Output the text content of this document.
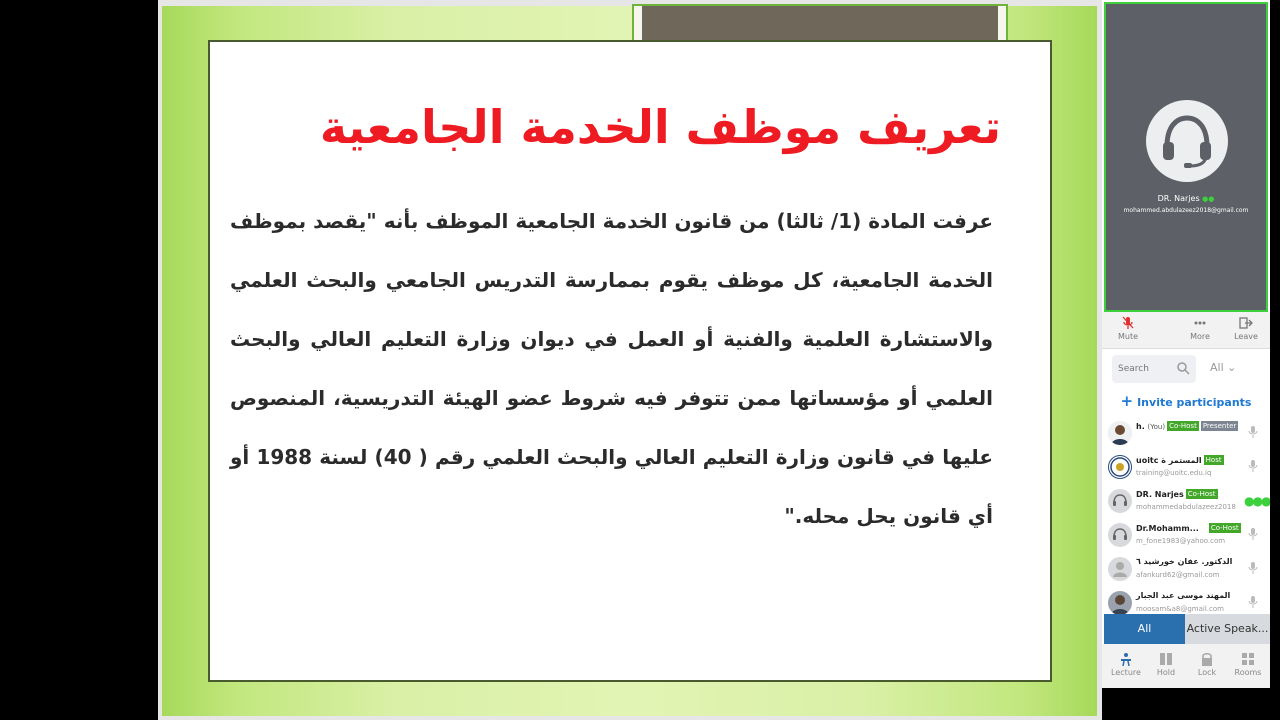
تعريف موظف الخدمة الجامعية
عرفت المادة (1/ ثالثا) من قانون الخدمة الجامعية الموظف بأنه "يقصد بموظف الخدمة الجامعية، كل موظف يقوم بممارسة التدريس الجامعي والبحث العلمي والاستشارة العلمية والفنية أو العمل في ديوان وزارة التعليم العالي والبحث العلمي أو مؤسساتها ممن تتوفر فيه شروط عضو الهيئة التدريسية، المنصوص عليها في قانون وزارة التعليم العالي والبحث العلمي رقم ( 40) لسنة 1988 أو أي قانون يحل محله."
DR. Narjes ●●
mohammed.abdulazeez2018@gmail.com
Mute	More	Leave
Search
All ⌄
+ Invite participants
h. (You) Co-Host Presenter
uoitc المستمر ة Host
training@uoitc.edu.iq
DR. Narjes Co-Host
mohammedabdulazeez2018 ●●●
Dr.Mohamm... Co-Host
m_fone1983@yahoo.com
الدكتور. عفان خورشيد ٦
afankurd62@gmail.com
المهند موسى عبد الجبار
moosam&a8@gmail.com
All	Active Speak...
Lecture	Hold	Lock	Rooms
